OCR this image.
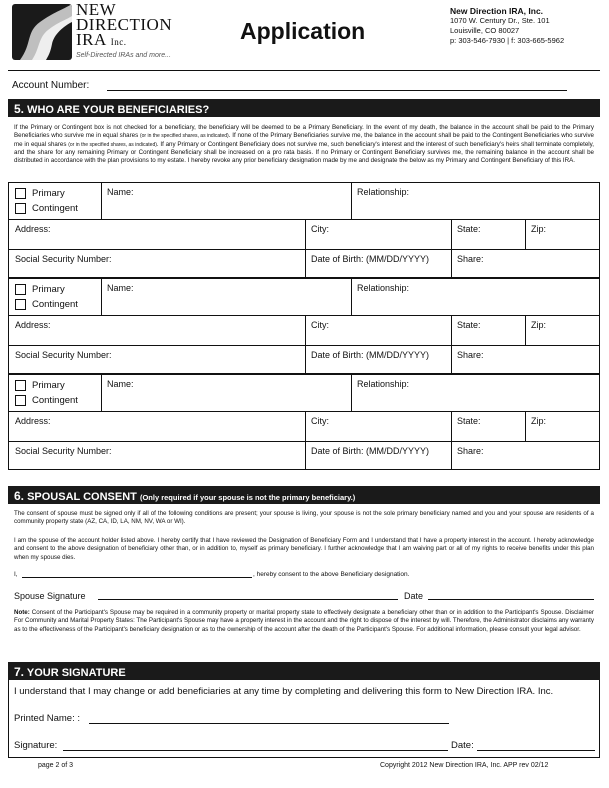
NEW
DIRECTION
IRA Inc.
Self-Directed IRAs and more...
Application
New Direction IRA, Inc.
1070 W. Century Dr., Ste. 101
Louisville, CO 80027
p: 303-546-7930 | f: 303-665-5962
Account Number:
5. WHO ARE YOUR BENEFICIARIES?
If the Primary or Contingent box is not checked for a beneficiary, the beneficiary will be deemed to be a Primary Beneficiary. In the event of my death, the balance in the account shall be paid to the Primary Beneficiaries who survive me in equal shares (or in the specified shares, as indicated). If none of the Primary Beneficiaries survive me, the balance in the account shall be paid to the Contingent Beneficiaries who survive me in equal shares (or in the specified shares, as indicated). If any Primary or Contingent Beneficiary does not survive me, such beneficiary's interest and the interest of such beneficiary's heirs shall terminate completely, and the share for any remaining Primary or Contingent Beneficiary shall be increased on a pro rata basis. If no Primary or Contingent Beneficiary survives me, the remaining balance in the account shall be distributed in accordance with the plan provisions to my estate. I hereby revoke any prior beneficiary designation made by me and designate the below as my Primary and Contingent Beneficiary of this IRA.
Primary
Contingent
Name:	Relationship:
Address:	City:	State:	Zip:
Social Security Number:	Date of Birth: (MM/DD/YYYY)	Share:
Primary
Contingent
Name:	Relationship:
Address:	City:	State:	Zip:
Social Security Number:	Date of Birth: (MM/DD/YYYY)	Share:
Primary
Contingent
Name:	Relationship:
Address:	City:	State:	Zip:
Social Security Number:	Date of Birth: (MM/DD/YYYY)	Share:
6. SPOUSAL CONSENT (Only required if your spouse is not the primary beneficiary.)
The consent of spouse must be signed only if all of the following conditions are present; your spouse is living, your spouse is not the sole primary beneficiary named and you and your spouse are residents of a community property state (AZ, CA, ID, LA, NM, NV, WA or WI).
I am the spouse of the account holder listed above. I hereby certify that I have reviewed the Designation of Beneficiary Form and I understand that I have a property interest in the account. I hereby acknowledge and consent to the above designation of beneficiary other than, or in addition to, myself as primary beneficiary. I further acknowledge that I am waiving part or all of my rights to receive benefits under this plan when my spouse dies.
I,	, hereby consent to the above Beneficiary designation.
Spouse Signature	Date
Note: Consent of the Participant's Spouse may be required in a community property or marital property state to effectively designate a beneficiary other than or in addition to the Participant's Spouse. Disclaimer For Community and Marital Property States: The Participant's Spouse may have a property interest in the account and the right to dispose of the interest by will. Therefore, the Administrator disclaims any warranty as to the effectiveness of the Participant's beneficiary designation or as to the ownership of the account after the death of the Participant's Spouse. For additional information, please consult your legal advisor.
7. YOUR SIGNATURE
I understand that I may change or add beneficiaries at any time by completing and delivering this form to New Direction IRA. Inc.
Printed Name: :
Signature:	Date:
page 2 of 3	Copyright 2012 New Direction IRA, Inc. APP rev 02/12
